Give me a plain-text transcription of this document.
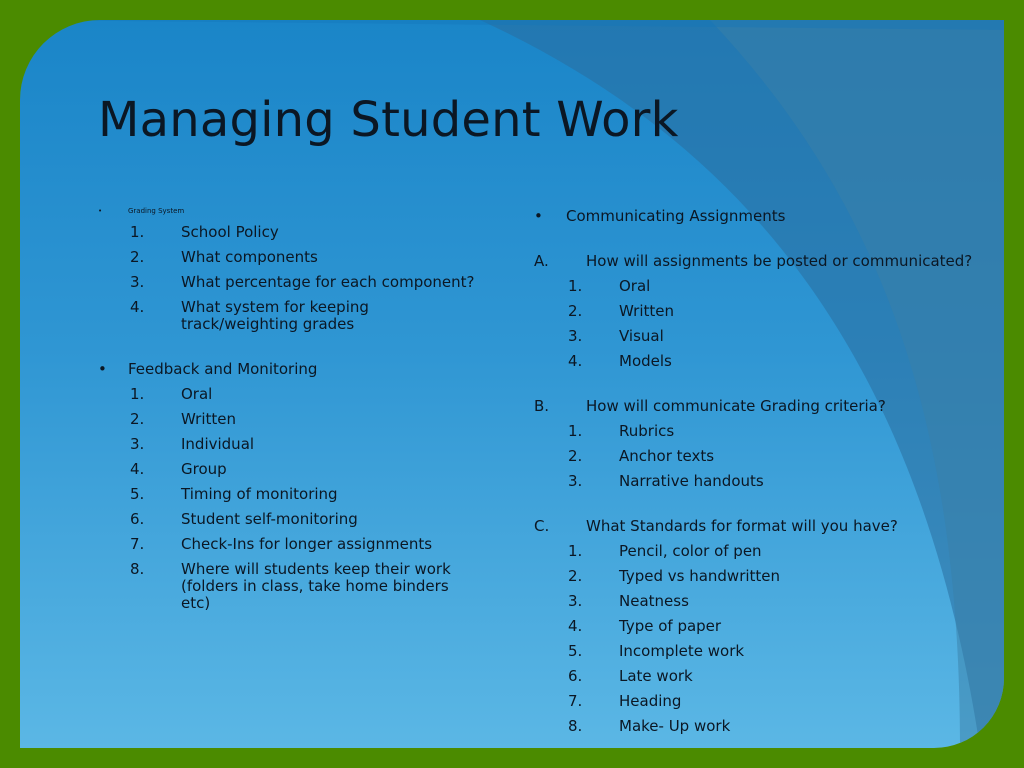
Managing Student Work
•	Grading System
1. School Policy
2. What components
3. What percentage for each component?
4. What system for keeping track/weighting grades
• Feedback and Monitoring
1. Oral
2. Written
3. Individual
4. Group
5. Timing of monitoring
6. Student self-monitoring
7. Check-Ins for longer assignments
8. Where will students keep their work (folders in class, take home binders etc)
• Communicating Assignments
A. How will assignments be posted or communicated?
1. Oral
2. Written
3. Visual
4. Models
B. How will communicate Grading criteria?
1. Rubrics
2. Anchor texts
3. Narrative handouts
C. What Standards for format will you have?
1. Pencil, color of pen
2. Typed vs handwritten
3. Neatness
4. Type of paper
5. Incomplete work
6. Late work
7. Heading
8. Make- Up work
